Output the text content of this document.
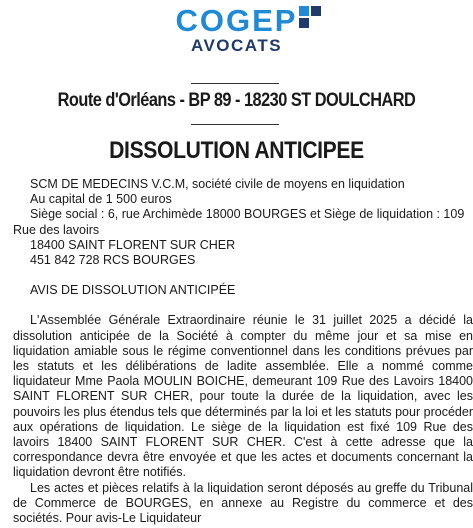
COGEP
AVOCATS
Route d'Orléans - BP 89 - 18230 ST DOULCHARD
DISSOLUTION ANTICIPEE

SCM DE MEDECINS V.C.M, société civile de moyens en liquidation

Au capital de 1 500 euros

Siège social : 6, rue Archimède 18000 BOURGES et Siège de liquidation : 109 Rue des lavoirs

18400 SAINT FLORENT SUR CHER

451 842 728 RCS BOURGES

AVIS DE DISSOLUTION ANTICIPÉE

L'Assemblée Générale Extraordinaire réunie le 31 juillet 2025 a décidé la dissolution anticipée de la Société à compter du même jour et sa mise en liquidation amiable sous le régime conventionnel dans les conditions prévues par les statuts et les délibérations de ladite assemblée. Elle a nommé comme liquidateur Mme Paola MOULIN BOICHE, demeurant 109 Rue des Lavoirs 18400 SAINT FLORENT SUR CHER, pour toute la durée de la liquidation, avec les pouvoirs les plus étendus tels que déterminés par la loi et les statuts pour procéder aux opérations de liquidation. Le siège de la liquidation est fixé 109 Rue des lavoirs 18400 SAINT FLORENT SUR CHER. C'est à cette adresse que la correspondance devra être envoyée et que les actes et documents concernant la liquidation devront être notifiés.

Les actes et pièces relatifs à la liquidation seront déposés au greffe du Tribunal de Commerce de BOURGES, en annexe au Registre du commerce et des sociétés. Pour avis-Le Liquidateur
